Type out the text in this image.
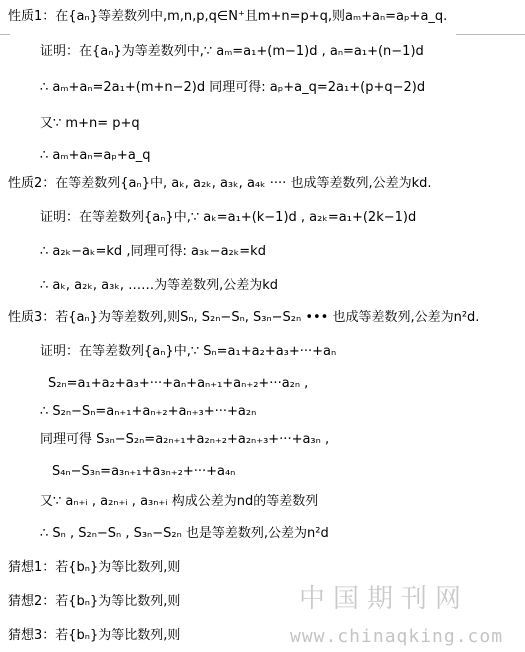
性质1：在{aₙ}等差数列中,m,n,p,q∈N⁺且m+n=p+q,则aₘ+aₙ=aₚ+a_q.
证明：在{aₙ}为等差数列中,∵ aₘ=a₁+(m−1)d , aₙ=a₁+(n−1)d
∴ aₘ+aₙ=2a₁+(m+n−2)d 同理可得: aₚ+a_q=2a₁+(p+q−2)d
又∵ m+n= p+q
∴ aₘ+aₙ=aₚ+a_q
性质2：在等差数列{aₙ}中, aₖ, a₂ₖ, a₃ₖ, a₄ₖ ···· 也成等差数列,公差为kd.
证明：在等差数列{aₙ}中,∵ aₖ=a₁+(k−1)d , a₂ₖ=a₁+(2k−1)d
∴ a₂ₖ−aₖ=kd ,同理可得: a₃ₖ−a₂ₖ=kd
∴ aₖ, a₂ₖ, a₃ₖ, ……为等差数列,公差为kd
性质3：若{aₙ}为等差数列,则Sₙ, S₂ₙ−Sₙ, S₃ₙ−S₂ₙ ••• 也成等差数列,公差为n²d.
证明：在等差数列{aₙ}中,∵ Sₙ=a₁+a₂+a₃+···+aₙ
S₂ₙ=a₁+a₂+a₃+···+aₙ+aₙ₊₁+aₙ₊₂+···a₂ₙ ,
∴ S₂ₙ−Sₙ=aₙ₊₁+aₙ₊₂+aₙ₊₃+···+a₂ₙ
同理可得 S₃ₙ−S₂ₙ=a₂ₙ₊₁+a₂ₙ₊₂+a₂ₙ₊₃+···+a₃ₙ ,
S₄ₙ−S₃ₙ=a₃ₙ₊₁+a₃ₙ₊₂+···+a₄ₙ
又∵ aₙ₊ᵢ , a₂ₙ₊ᵢ , a₃ₙ₊ᵢ 构成公差为nd的等差数列
∴ Sₙ , S₂ₙ−Sₙ , S₃ₙ−S₂ₙ 也是等差数列,公差为n²d
猜想1：若{bₙ}为等比数列,则
猜想2：若{bₙ}为等比数列,则
猜想3：若{bₙ}为等比数列,则
中国期刊网
www.chinaqking.com
